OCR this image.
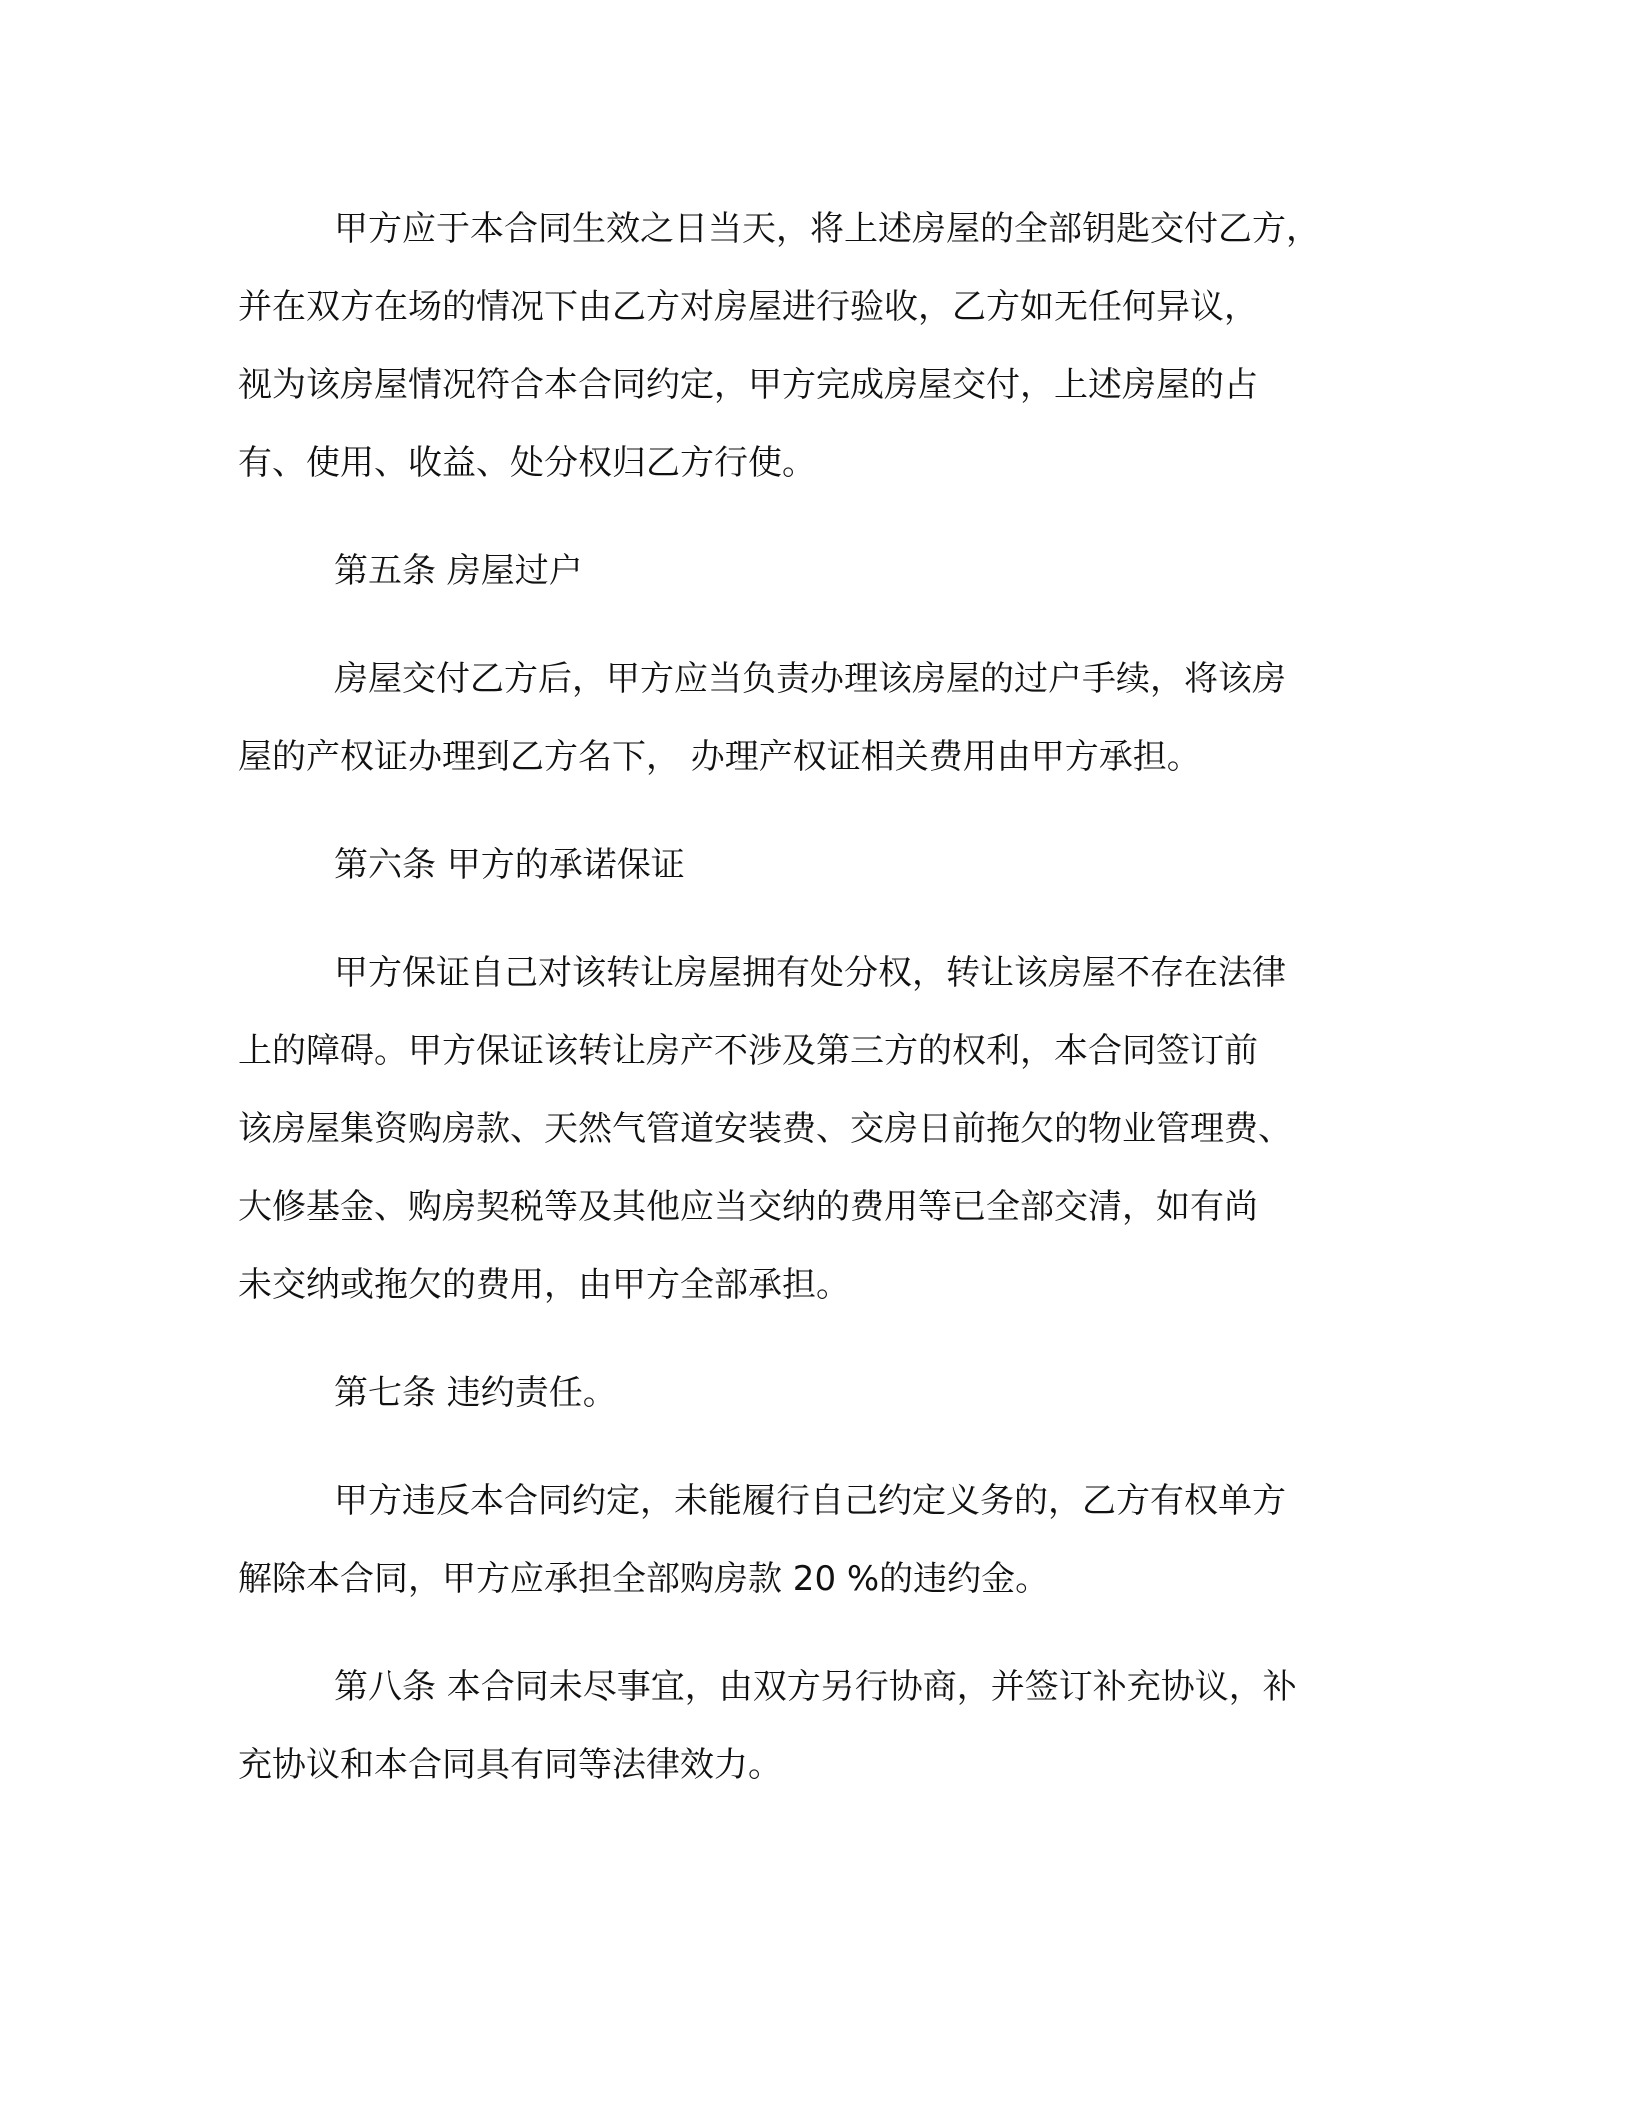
甲方应于本合同生效之日当天，将上述房屋的全部钥匙交付乙方，
并在双方在场的情况下由乙方对房屋进行验收，乙方如无任何异议，
视为该房屋情况符合本合同约定，甲方完成房屋交付，上述房屋的占
有、使用、收益、处分权归乙方行使。

第五条 房屋过户

房屋交付乙方后，甲方应当负责办理该房屋的过户手续，将该房
屋的产权证办理到乙方名下， 办理产权证相关费用由甲方承担。

第六条 甲方的承诺保证

甲方保证自己对该转让房屋拥有处分权，转让该房屋不存在法律
上的障碍。甲方保证该转让房产不涉及第三方的权利，本合同签订前
该房屋集资购房款、天然气管道安装费、交房日前拖欠的物业管理费、
大修基金、购房契税等及其他应当交纳的费用等已全部交清，如有尚
未交纳或拖欠的费用，由甲方全部承担。

第七条 违约责任。

甲方违反本合同约定，未能履行自己约定义务的，乙方有权单方
解除本合同，甲方应承担全部购房款 20 %的违约金。

第八条 本合同未尽事宜，由双方另行协商，并签订补充协议，补
充协议和本合同具有同等法律效力。
